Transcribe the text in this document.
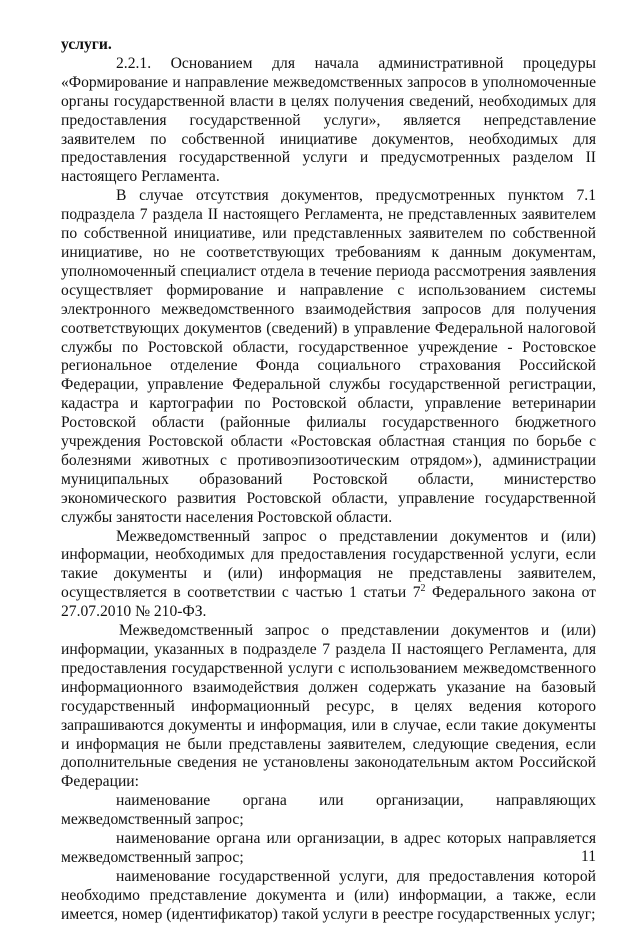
услуги.

2.2.1. Основанием для начала административной процедуры «Формирование и направление межведомственных запросов в уполномоченные органы государственной власти в целях получения сведений, необходимых для предоставления государственной услуги», является непредставление заявителем по собственной инициативе документов, необходимых для предоставления государственной услуги и предусмотренных разделом II настоящего Регламента.

В случае отсутствия документов, предусмотренных пунктом 7.1 подраздела 7 раздела II настоящего Регламента, не представленных заявителем по собственной инициативе, или представленных заявителем по собственной инициативе, но не соответствующих требованиям к данным документам, уполномоченный специалист отдела в течение периода рассмотрения заявления осуществляет формирование и направление с использованием системы электронного межведомственного взаимодействия запросов для получения соответствующих документов (сведений) в управление Федеральной налоговой службы по Ростовской области, государственное учреждение - Ростовское региональное отделение Фонда социального страхования Российской Федерации, управление Федеральной службы государственной регистрации, кадастра и картографии по Ростовской области, управление ветеринарии Ростовской области (районные филиалы государственного бюджетного учреждения Ростовской области «Ростовская областная станция по борьбе с болезнями животных с противоэпизоотическим отрядом»), администрации муниципальных образований Ростовской области, министерство экономического развития Ростовской области, управление государственной службы занятости населения Ростовской области.

Межведомственный запрос о представлении документов и (или) информации, необходимых для предоставления государственной услуги, если такие документы и (или) информация не представлены заявителем, осуществляется в соответствии с частью 1 статьи $7^2$ Федерального закона от 27.07.2010 № 210-ФЗ.

Межведомственный запрос о представлении документов и (или) информации, указанных в подразделе 7 раздела II настоящего Регламента, для предоставления государственной услуги с использованием межведомственного информационного взаимодействия должен содержать указание на базовый государственный информационный ресурс, в целях ведения которого запрашиваются документы и информация, или в случае, если такие документы и информация не были представлены заявителем, следующие сведения, если дополнительные сведения не установлены законодательным актом Российской Федерации:

наименование органа или организации, направляющих межведомственный запрос;

наименование органа или организации, в адрес которых направляется межведомственный запрос;

наименование государственной услуги, для предоставления которой необходимо представление документа и (или) информации, а также, если имеется, номер (идентификатор) такой услуги в реестре государственных услуг;

11
